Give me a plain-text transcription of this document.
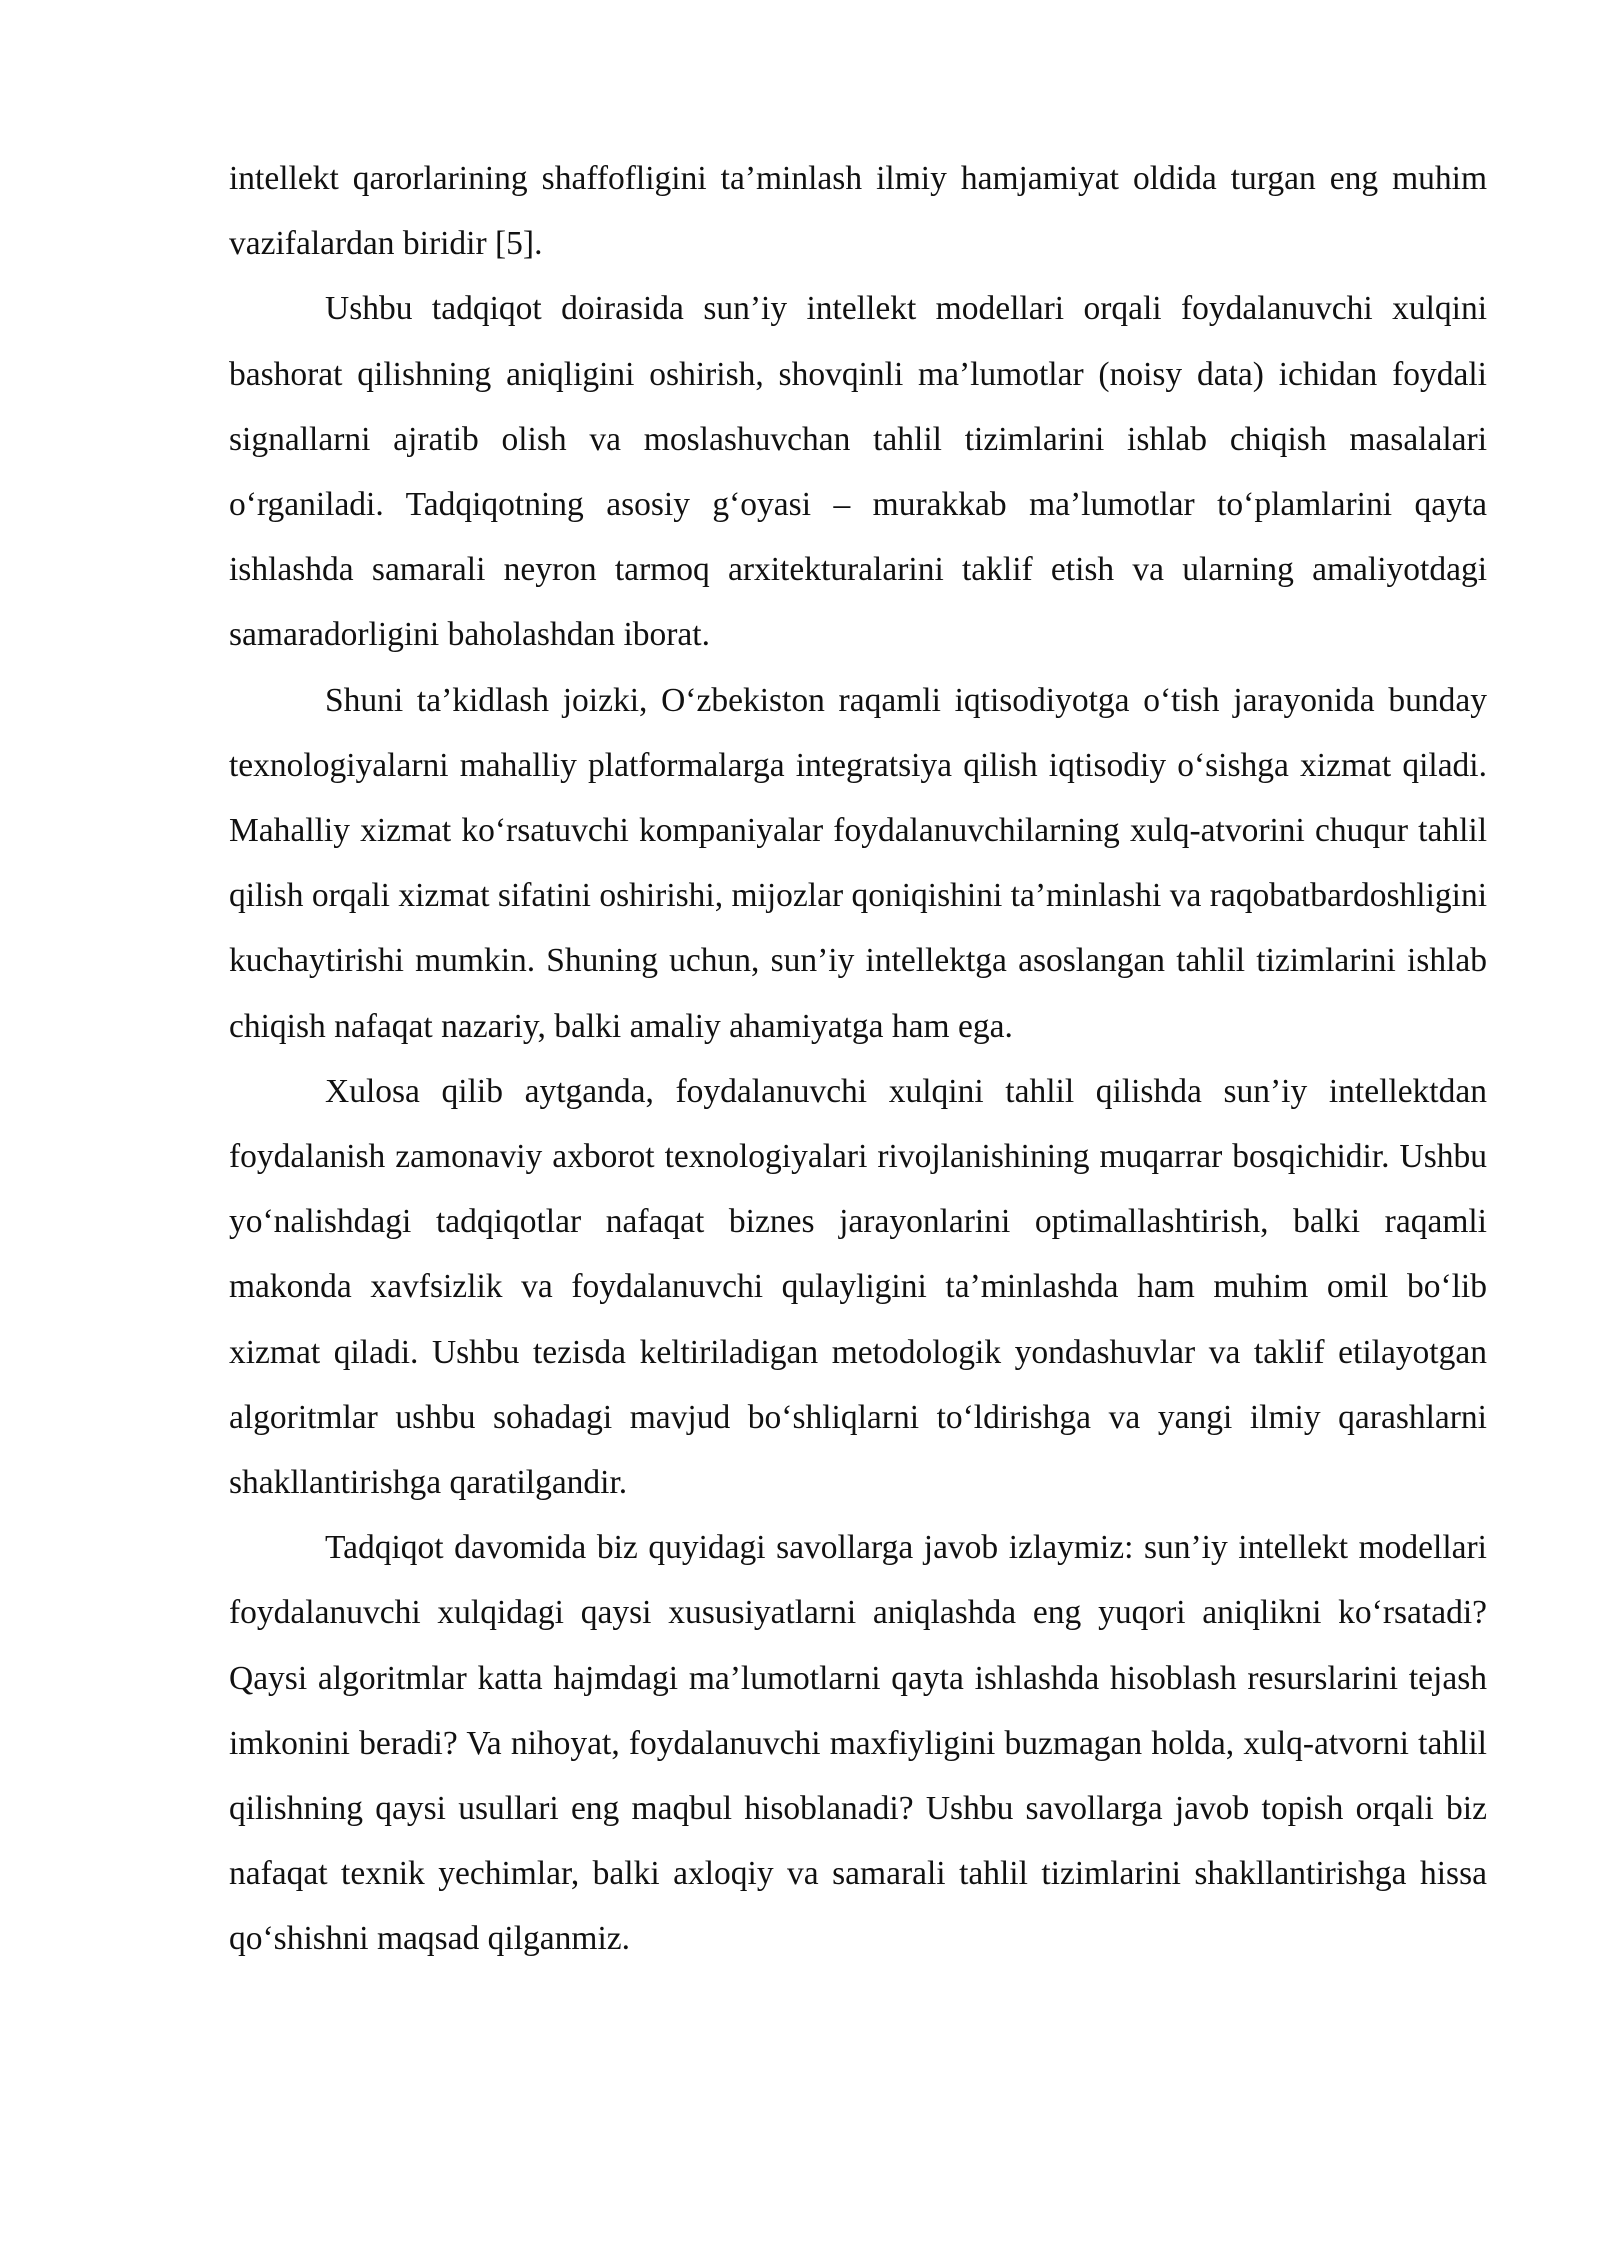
intellekt qarorlarining shaffofligini ta’minlash ilmiy hamjamiyat oldida turgan eng muhim vazifalardan biridir [5].

Ushbu tadqiqot doirasida sun’iy intellekt modellari orqali foydalanuvchi xulqini bashorat qilishning aniqligini oshirish, shovqinli ma’lumotlar (noisy data) ichidan foydali signallarni ajratib olish va moslashuvchan tahlil tizimlarini ishlab chiqish masalalari o‘rganiladi. Tadqiqotning asosiy g‘oyasi – murakkab ma’lumotlar to‘plamlarini qayta ishlashda samarali neyron tarmoq arxitekturalarini taklif etish va ularning amaliyotdagi samaradorligini baholashdan iborat.

Shuni ta’kidlash joizki, O‘zbekiston raqamli iqtisodiyotga o‘tish jarayonida bunday texnologiyalarni mahalliy platformalarga integratsiya qilish iqtisodiy o‘sishga xizmat qiladi. Mahalliy xizmat ko‘rsatuvchi kompaniyalar foydalanuvchilarning xulq-atvorini chuqur tahlil qilish orqali xizmat sifatini oshirishi, mijozlar qoniqishini ta’minlashi va raqobatbardoshligini kuchaytirishi mumkin. Shuning uchun, sun’iy intellektga asoslangan tahlil tizimlarini ishlab chiqish nafaqat nazariy, balki amaliy ahamiyatga ham ega.

Xulosa qilib aytganda, foydalanuvchi xulqini tahlil qilishda sun’iy intellektdan foydalanish zamonaviy axborot texnologiyalari rivojlanishining muqarrar bosqichidir. Ushbu yo‘nalishdagi tadqiqotlar nafaqat biznes jarayonlarini optimallashtirish, balki raqamli makonda xavfsizlik va foydalanuvchi qulayligini ta’minlashda ham muhim omil bo‘lib xizmat qiladi. Ushbu tezisda keltiriladigan metodologik yondashuvlar va taklif etilayotgan algoritmlar ushbu sohadagi mavjud bo‘shliqlarni to‘ldirishga va yangi ilmiy qarashlarni shakllantirishga qaratilgandir.

Tadqiqot davomida biz quyidagi savollarga javob izlaymiz: sun’iy intellekt modellari foydalanuvchi xulqidagi qaysi xususiyatlarni aniqlashda eng yuqori aniqlikni ko‘rsatadi? Qaysi algoritmlar katta hajmdagi ma’lumotlarni qayta ishlashda hisoblash resurslarini tejash imkonini beradi? Va nihoyat, foydalanuvchi maxfiyligini buzmagan holda, xulq-atvorni tahlil qilishning qaysi usullari eng maqbul hisoblanadi? Ushbu savollarga javob topish orqali biz nafaqat texnik yechimlar, balki axloqiy va samarali tahlil tizimlarini shakllantirishga hissa qo‘shishni maqsad qilganmiz.
